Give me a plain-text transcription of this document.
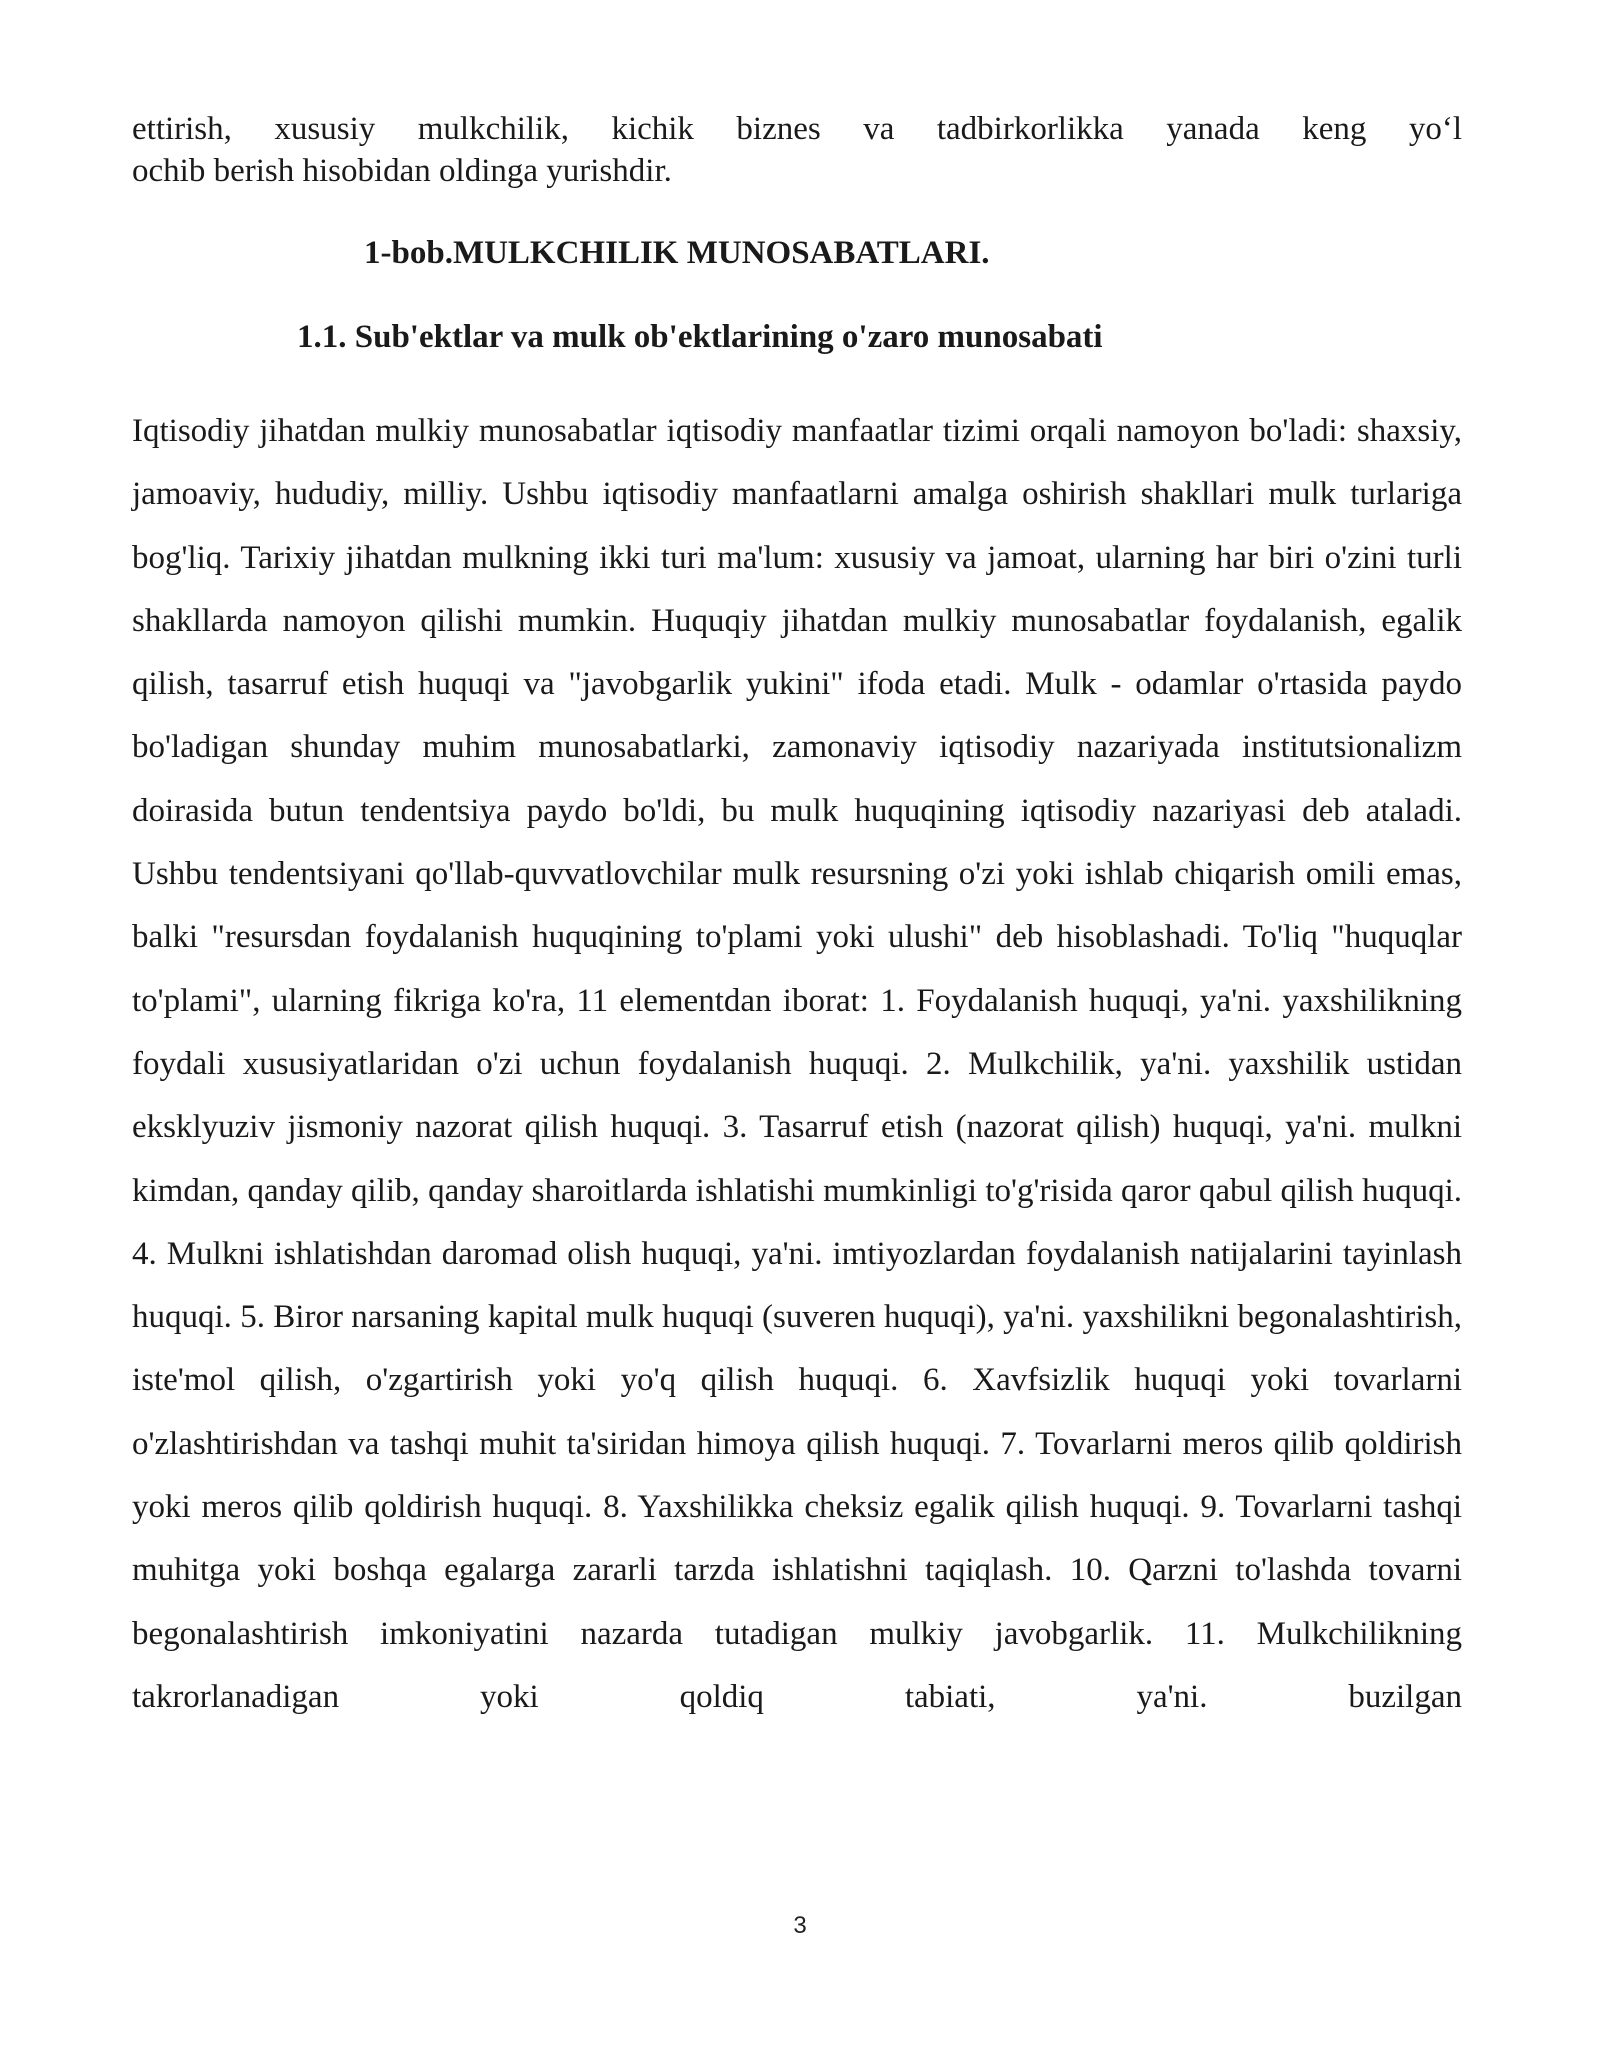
ettirish, xususiy mulkchilik, kichik biznes va tadbirkorlikka yanada keng yo‘l
ochib berish hisobidan oldinga yurishdir.

1-bob.MULKCHILIK MUNOSABATLARI.
1.1. Sub'ektlar va mulk ob'ektlarining o'zaro munosabati

Iqtisodiy jihatdan mulkiy munosabatlar iqtisodiy manfaatlar tizimi orqali namoyon bo'ladi: shaxsiy, jamoaviy, hududiy, milliy. Ushbu iqtisodiy manfaatlarni amalga oshirish shakllari mulk turlariga bog'liq. Tarixiy jihatdan mulkning ikki turi ma'lum: xususiy va jamoat, ularning har biri o'zini turli shakllarda namoyon qilishi mumkin. Huquqiy jihatdan mulkiy munosabatlar foydalanish, egalik qilish, tasarruf etish huquqi va "javobgarlik yukini" ifoda etadi. Mulk - odamlar o'rtasida paydo bo'ladigan shunday muhim munosabatlarki, zamonaviy iqtisodiy nazariyada institutsionalizm doirasida butun tendentsiya paydo bo'ldi, bu mulk huquqining iqtisodiy nazariyasi deb ataladi. Ushbu tendentsiyani qo'llab-quvvatlovchilar mulk resursning o'zi yoki ishlab chiqarish omili emas, balki "resursdan foydalanish huquqining to'plami yoki ulushi" deb hisoblashadi. To'liq "huquqlar to'plami", ularning fikriga ko'ra, 11 elementdan iborat: 1. Foydalanish huquqi, ya'ni. yaxshilikning foydali xususiyatlaridan o'zi uchun foydalanish huquqi. 2. Mulkchilik, ya'ni. yaxshilik ustidan eksklyuziv jismoniy nazorat qilish huquqi. 3. Tasarruf etish (nazorat qilish) huquqi, ya'ni. mulkni kimdan, qanday qilib, qanday sharoitlarda ishlatishi mumkinligi to'g'risida qaror qabul qilish huquqi. 4. Mulkni ishlatishdan daromad olish huquqi, ya'ni. imtiyozlardan foydalanish natijalarini tayinlash huquqi. 5. Biror narsaning kapital mulk huquqi (suveren huquqi), ya'ni. yaxshilikni begonalashtirish, iste'mol qilish, o'zgartirish yoki yo'q qilish huquqi. 6. Xavfsizlik huquqi yoki tovarlarni o'zlashtirishdan va tashqi muhit ta'siridan himoya qilish huquqi. 7. Tovarlarni meros qilib qoldirish yoki meros qilib qoldirish huquqi. 8. Yaxshilikka cheksiz egalik qilish huquqi. 9. Tovarlarni tashqi muhitga yoki boshqa egalarga zararli tarzda ishlatishni taqiqlash. 10. Qarzni to'lashda tovarni begonalashtirish imkoniyatini nazarda tutadigan mulkiy javobgarlik. 11. Mulkchilikning takrorlanadigan yoki qoldiq tabiati, ya'ni. buzilgan

3
